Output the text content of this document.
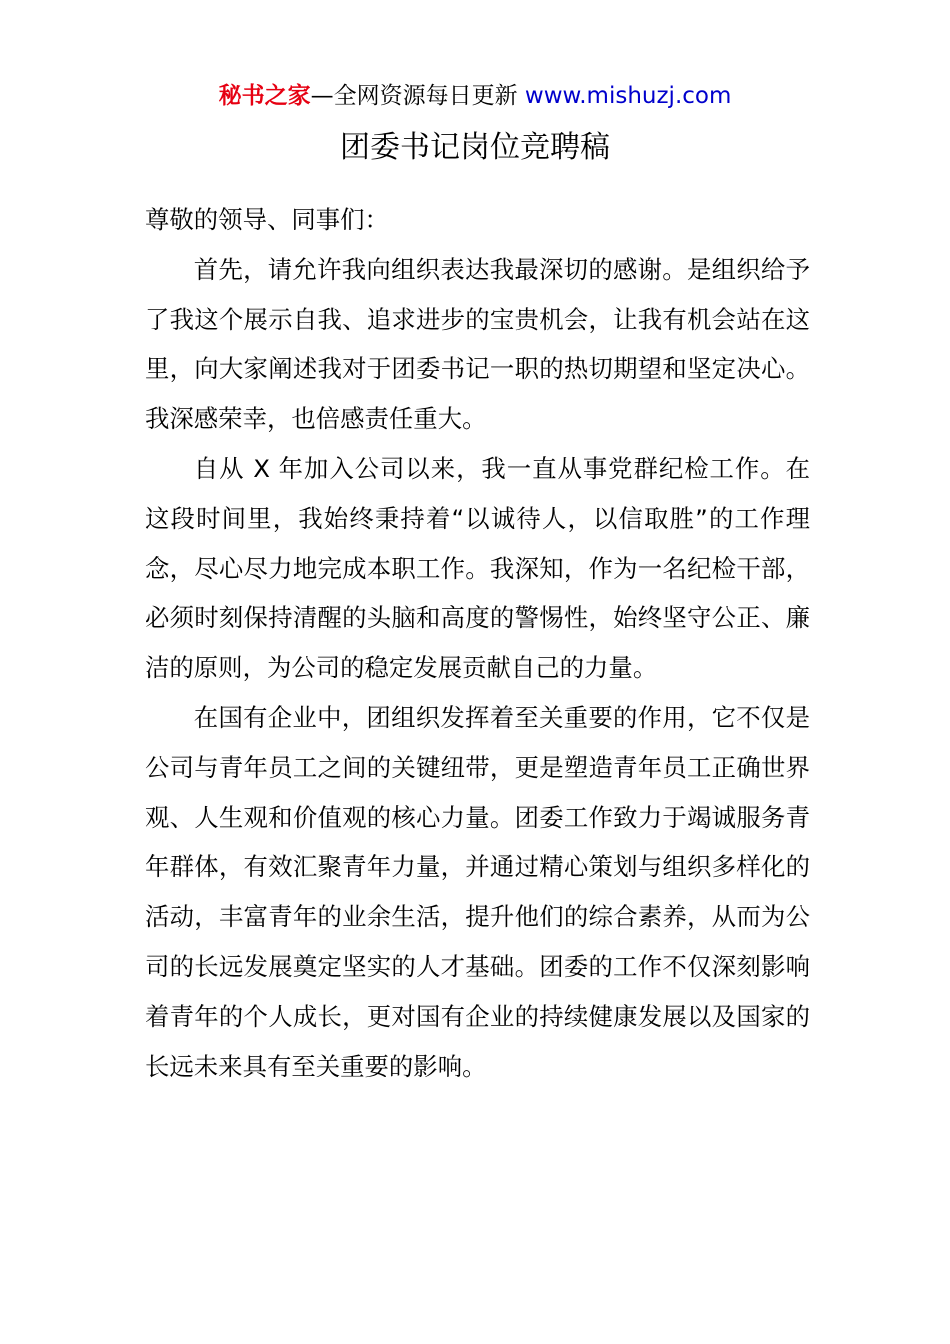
秘书之家—全网资源每日更新 www.mishuzj.com
团委书记岗位竞聘稿

尊敬的领导、同事们：

首先，请允许我向组织表达我最深切的感谢。是组织给予了我这个展示自我、追求进步的宝贵机会，让我有机会站在这里，向大家阐述我对于团委书记一职的热切期望和坚定决心。我深感荣幸，也倍感责任重大。

自从 X 年加入公司以来，我一直从事党群纪检工作。在这段时间里，我始终秉持着“以诚待人，以信取胜”的工作理念，尽心尽力地完成本职工作。我深知，作为一名纪检干部，必须时刻保持清醒的头脑和高度的警惕性，始终坚守公正、廉洁的原则，为公司的稳定发展贡献自己的力量。

在国有企业中，团组织发挥着至关重要的作用，它不仅是公司与青年员工之间的关键纽带，更是塑造青年员工正确世界观、人生观和价值观的核心力量。团委工作致力于竭诚服务青年群体，有效汇聚青年力量，并通过精心策划与组织多样化的活动，丰富青年的业余生活，提升他们的综合素养，从而为公司的长远发展奠定坚实的人才基础。团委的工作不仅深刻影响着青年的个人成长，更对国有企业的持续健康发展以及国家的长远未来具有至关重要的影响。
